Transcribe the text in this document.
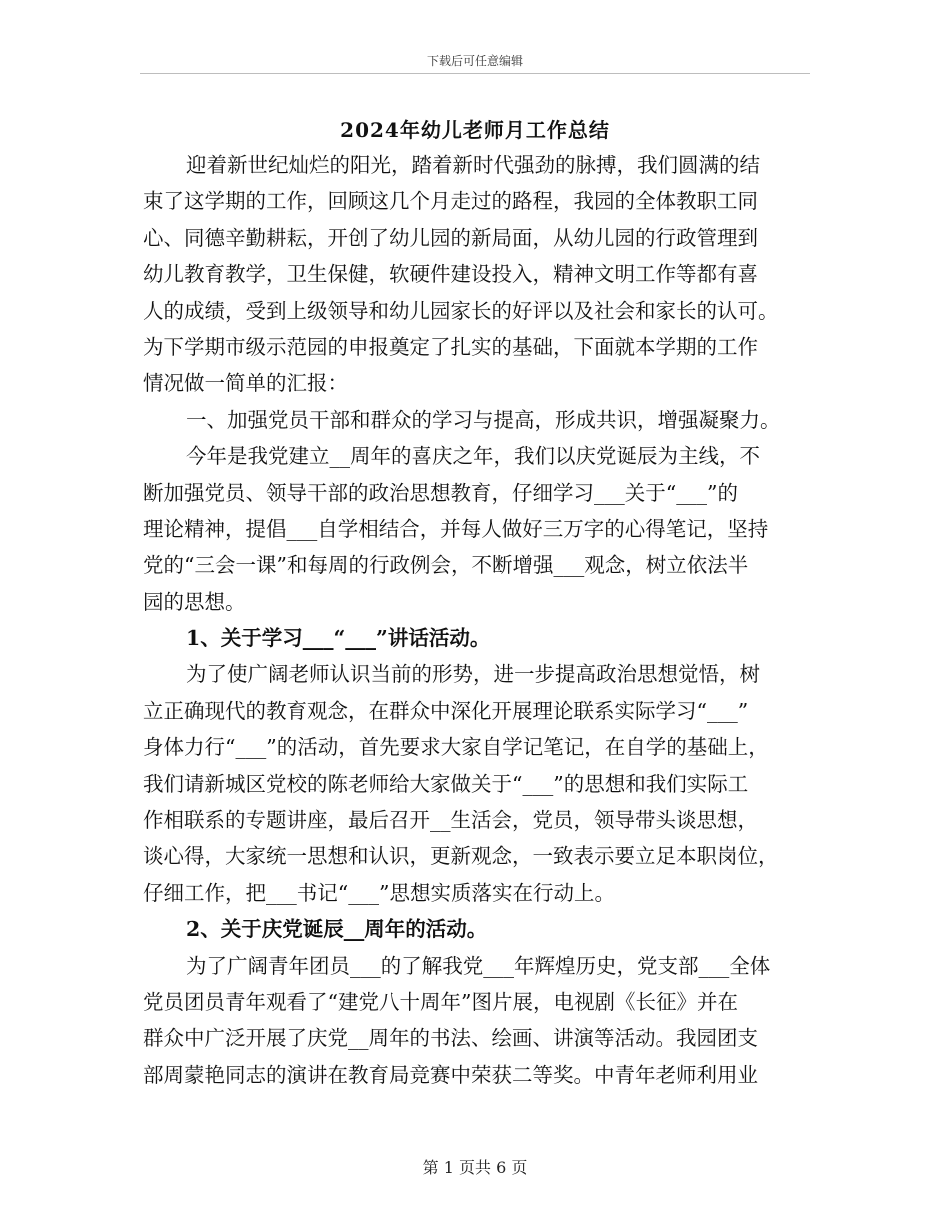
下载后可任意编辑
2024年幼儿老师月工作总结
迎着新世纪灿烂的阳光，踏着新时代强劲的脉搏，我们圆满的结
束了这学期的工作，回顾这几个月走过的路程，我园的全体教职工同
心、同德辛勤耕耘，开创了幼儿园的新局面，从幼儿园的行政管理到
幼儿教育教学，卫生保健，软硬件建设投入，精神文明工作等都有喜
人的成绩，受到上级领导和幼儿园家长的好评以及社会和家长的认可。
为下学期市级示范园的申报奠定了扎实的基础，下面就本学期的工作
情况做一简单的汇报：
一、加强党员干部和群众的学习与提高，形成共识，增强凝聚力。
今年是我党建立__周年的喜庆之年，我们以庆党诞辰为主线，不
断加强党员、领导干部的政治思想教育，仔细学习___关于“___”的
理论精神，提倡___自学相结合，并每人做好三万字的心得笔记，坚持
党的“三会一课”和每周的行政例会，不断增强___观念，树立依法半
园的思想。
1、关于学习___“___”讲话活动。
为了使广阔老师认识当前的形势，进一步提高政治思想觉悟，树
立正确现代的教育观念，在群众中深化开展理论联系实际学习“___”
身体力行“___”的活动，首先要求大家自学记笔记，在自学的基础上，
我们请新城区党校的陈老师给大家做关于“___”的思想和我们实际工
作相联系的专题讲座，最后召开__生活会，党员，领导带头谈思想，
谈心得，大家统一思想和认识，更新观念，一致表示要立足本职岗位，
仔细工作，把___书记“___”思想实质落实在行动上。
2、关于庆党诞辰__周年的活动。
为了广阔青年团员___的了解我党___年辉煌历史，党支部___全体
党员团员青年观看了“建党八十周年”图片展，电视剧《长征》并在
群众中广泛开展了庆党__周年的书法、绘画、讲演等活动。我园团支
部周蒙艳同志的演讲在教育局竞赛中荣获二等奖。中青年老师利用业
第 1 页共 6 页
